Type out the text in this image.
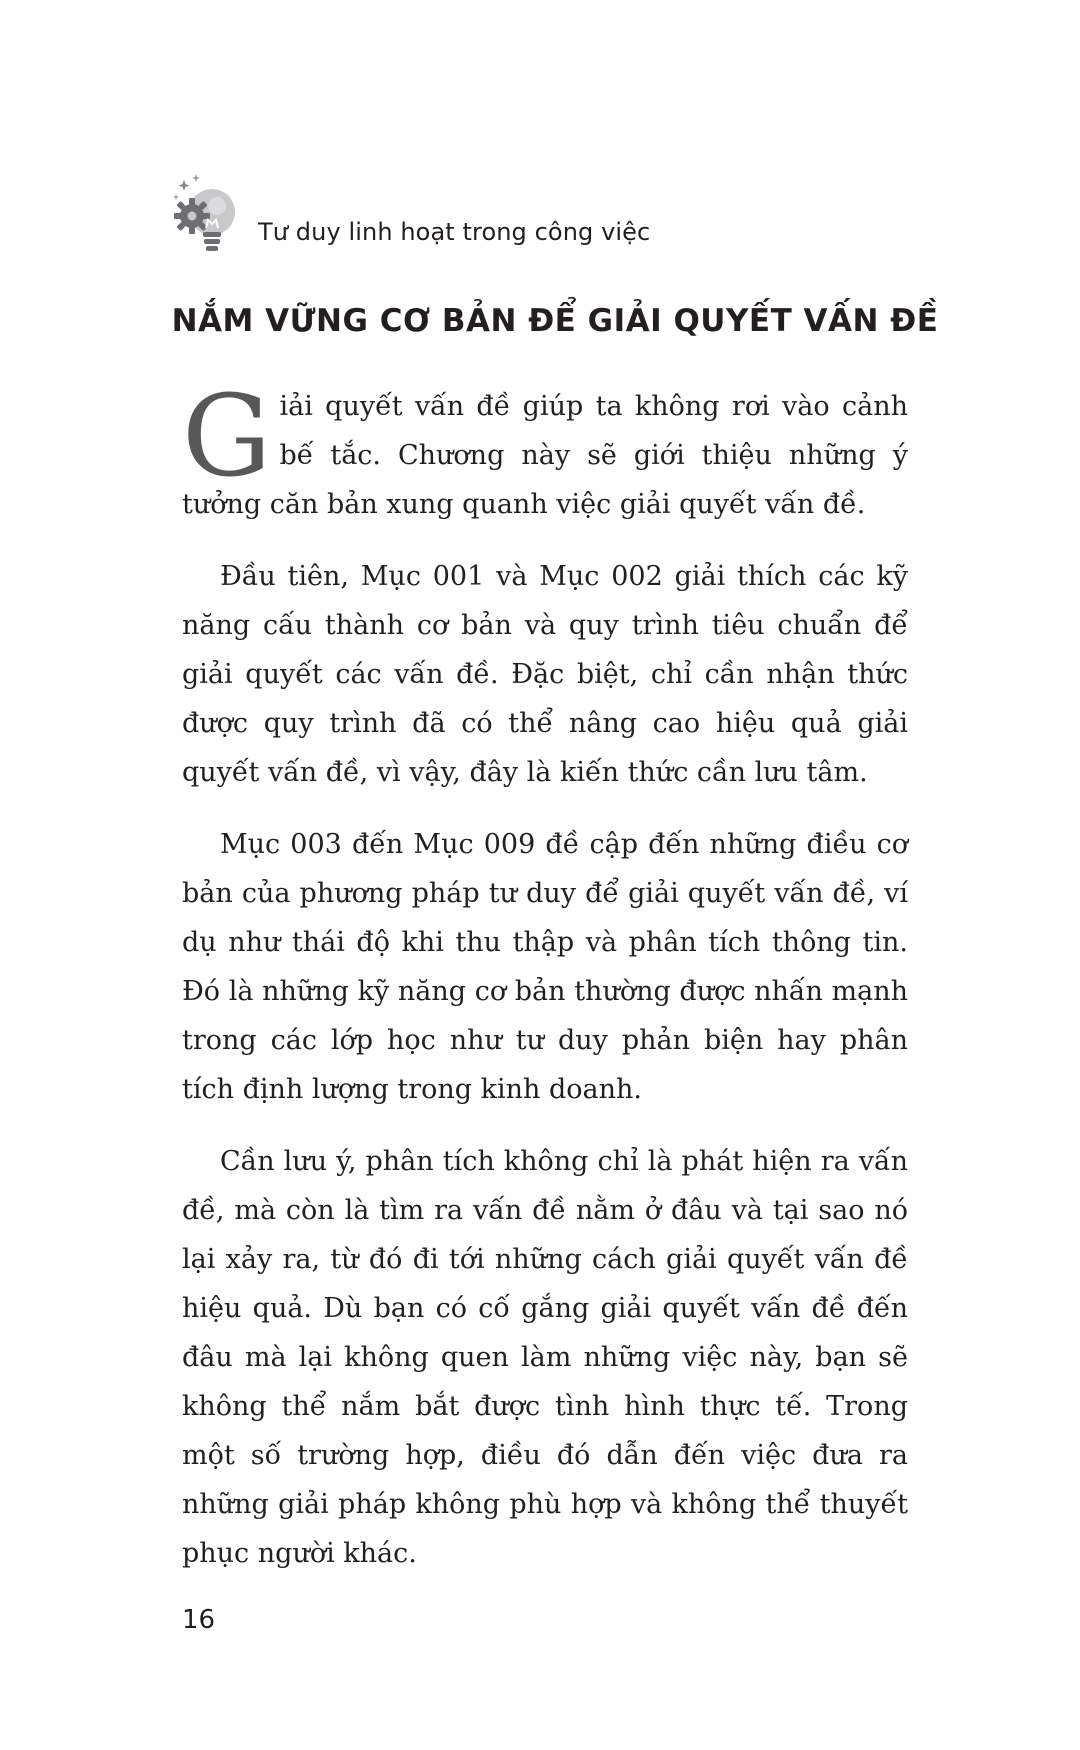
Tư duy linh hoạt trong công việc
NẮM VỮNG CƠ BẢN ĐỂ GIẢI QUYẾT VẤN ĐỀ

Giải quyết vấn đề giúp ta không rơi vào cảnh bế tắc. Chương này sẽ giới thiệu những ý tưởng căn bản xung quanh việc giải quyết vấn đề.

Đầu tiên, Mục 001 và Mục 002 giải thích các kỹ năng cấu thành cơ bản và quy trình tiêu chuẩn để giải quyết các vấn đề. Đặc biệt, chỉ cần nhận thức được quy trình đã có thể nâng cao hiệu quả giải quyết vấn đề, vì vậy, đây là kiến thức cần lưu tâm.

Mục 003 đến Mục 009 đề cập đến những điều cơ bản của phương pháp tư duy để giải quyết vấn đề, ví dụ như thái độ khi thu thập và phân tích thông tin. Đó là những kỹ năng cơ bản thường được nhấn mạnh trong các lớp học như tư duy phản biện hay phân tích định lượng trong kinh doanh.

Cần lưu ý, phân tích không chỉ là phát hiện ra vấn đề, mà còn là tìm ra vấn đề nằm ở đâu và tại sao nó lại xảy ra, từ đó đi tới những cách giải quyết vấn đề hiệu quả. Dù bạn có cố gắng giải quyết vấn đề đến đâu mà lại không quen làm những việc này, bạn sẽ không thể nắm bắt được tình hình thực tế. Trong một số trường hợp, điều đó dẫn đến việc đưa ra những giải pháp không phù hợp và không thể thuyết phục người khác.

16
